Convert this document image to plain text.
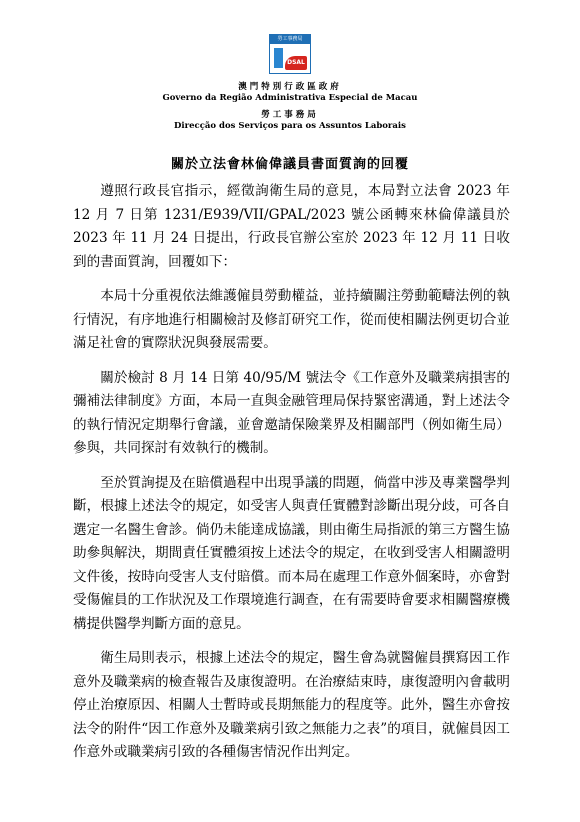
勞工事務局
DSAL
澳門特別行政區政府
Governo da Região Administrativa Especial de Macau
勞工事務局
Direcção dos Serviços para os Assuntos Laborais
關於立法會林倫偉議員書面質詢的回覆

遵照行政長官指示，經徵詢衛生局的意見，本局對立法會 2023 年 12 月 7 日第 1231/E939/VII/GPAL/2023 號公函轉來林倫偉議員於 2023 年 11 月 24 日提出，行政長官辦公室於 2023 年 12 月 11 日收到的書面質詢，回覆如下：

本局十分重視依法維護僱員勞動權益，並持續關注勞動範疇法例的執行情況，有序地進行相關檢討及修訂研究工作，從而使相關法例更切合並滿足社會的實際狀況與發展需要。

關於檢討 8 月 14 日第 40/95/M 號法令《工作意外及職業病損害的彌補法律制度》方面，本局一直與金融管理局保持緊密溝通，對上述法令的執行情況定期舉行會議，並會邀請保險業界及相關部門（例如衛生局）參與，共同探討有效執行的機制。

至於質詢提及在賠償過程中出現爭議的問題，倘當中涉及專業醫學判斷，根據上述法令的規定，如受害人與責任實體對診斷出現分歧，可各自選定一名醫生會診。倘仍未能達成協議，則由衛生局指派的第三方醫生協助參與解決，期間責任實體須按上述法令的規定，在收到受害人相關證明文件後，按時向受害人支付賠償。而本局在處理工作意外個案時，亦會對受傷僱員的工作狀況及工作環境進行調查，在有需要時會要求相關醫療機構提供醫學判斷方面的意見。

衛生局則表示，根據上述法令的規定，醫生會為就醫僱員撰寫因工作意外及職業病的檢查報告及康復證明。在治療結束時，康復證明內會載明停止治療原因、相關人士暫時或長期無能力的程度等。此外，醫生亦會按法令的附件“因工作意外及職業病引致之無能力之表”的項目，就僱員因工作意外或職業病引致的各種傷害情況作出判定。
